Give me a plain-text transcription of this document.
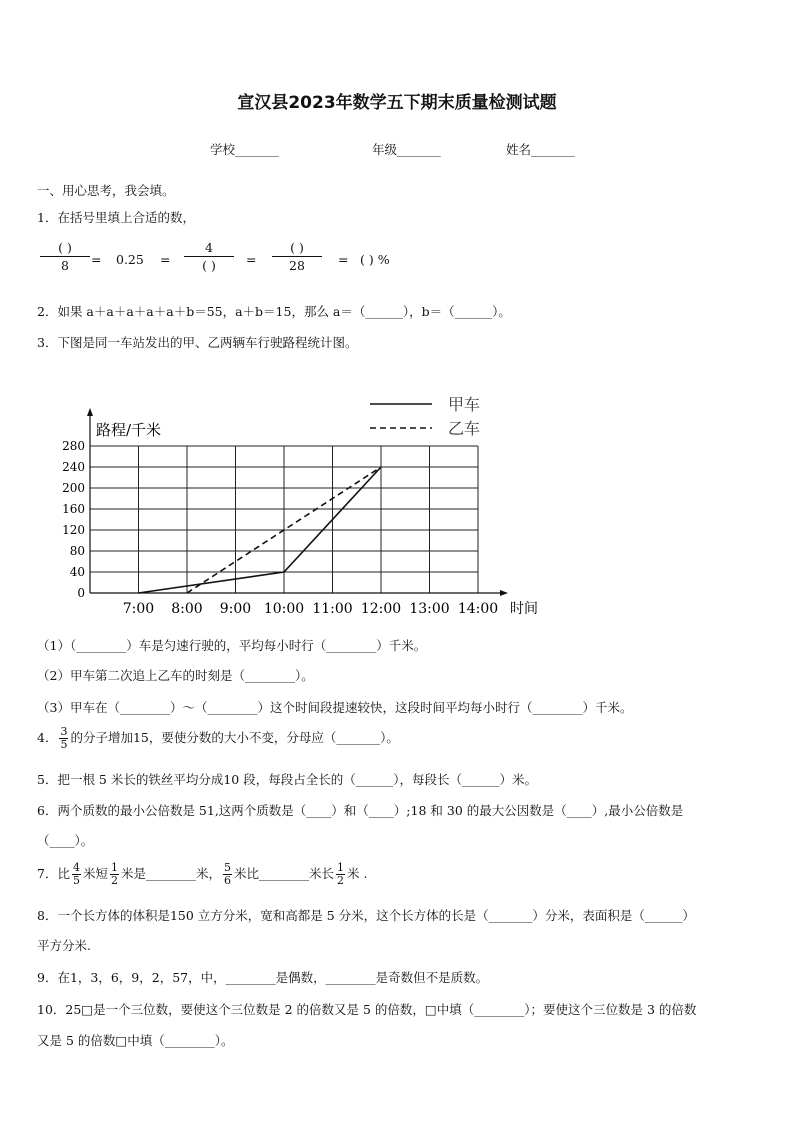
宣汉县2023年数学五下期末质量检测试题
学校_______	年级_______	姓名_______
一、用心思考，我会填。
1．在括号里填上合适的数，
( )
8	= 0.25 =
4
( )	=
( )
28	= ( ) %
2．如果 a＋a＋a＋a＋a＋b＝55，a＋b＝15，那么 a＝（______），b＝（______）。
3．下图是同一车站发出的甲、乙两辆车行驶路程统计图。
0
40
80
120
160
200
240
280
7:00 8:00 9:00 10:00 11:00 12:00 13:00 14:00
路程/千米
时间
甲车
乙车
（1）（________）车是匀速行驶的，平均每小时行（________）千米。
（2）甲车第二次追上乙车的时刻是（________）。
（3）甲车在（________）～（________）这个时间段提速较快，这段时间平均每小时行（________）千米。
4． $\frac{3}{5}$ 的分子增加15，要使分数的大小不变，分母应（_______）。
5．把一根 5 米长的铁丝平均分成10 段，每段占全长的（______），每段长（______）米。
6．两个质数的最小公倍数是 51,这两个质数是（____）和（____）;18 和 30 的最大公因数是（____）,最小公倍数是
（____）。
7．比 $\frac{4}{5}$ 米短 $\frac{1}{2}$ 米是________米， $\frac{5}{6}$ 米比________米长 $\frac{1}{2}$ 米 .
8．一个长方体的体积是150 立方分米，宽和高都是 5 分米，这个长方体的长是（_______）分米，表面积是（______）
平方分米.
9．在1，3，6，9，2，57，中，________是偶数，________是奇数但不是质数。
10．25□是一个三位数，要使这个三位数是 2 的倍数又是 5 的倍数，□中填（________）；要使这个三位数是 3 的倍数
又是 5 的倍数□中填（________）。
